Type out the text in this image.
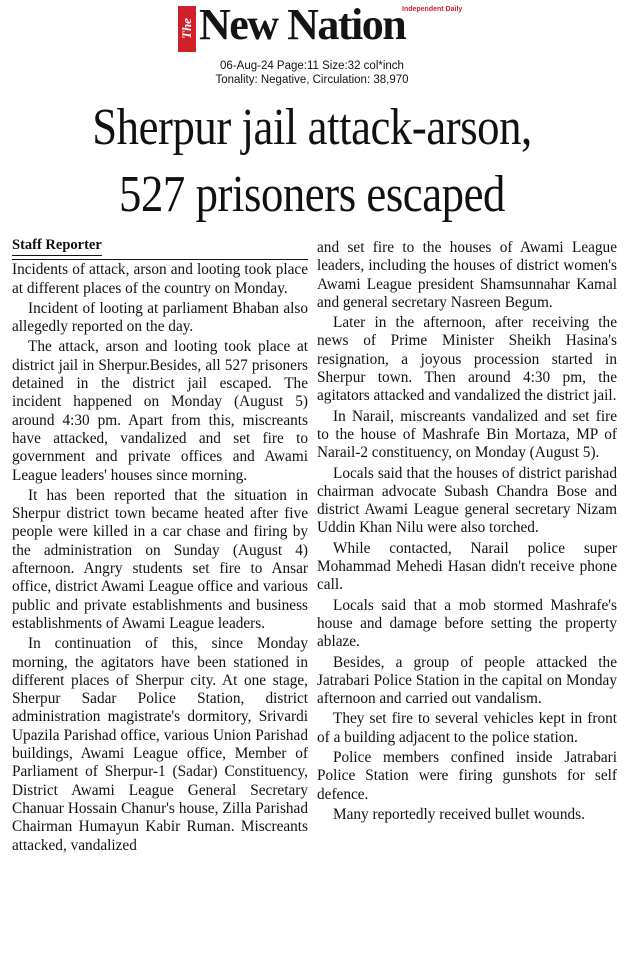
The New Nation
Independent Daily
06-Aug-24 Page:11 Size:32 col*inch
Tonality: Negative, Circulation: 38,970
Sherpur jail attack-arson,
527 prisoners escaped
Staff Reporter

Incidents of attack, arson and looting took place at different places of the country on Monday.

Incident of looting at parliament Bhaban also allegedly reported on the day.

The attack, arson and looting took place at district jail in Sherpur.Besides, all 527 prisoners detained in the district jail escaped. The incident happened on Monday (August 5) around 4:30 pm. Apart from this, miscreants have attacked, vandalized and set fire to government and private offices and Awami League leaders' houses since morning.

It has been reported that the situation in Sherpur district town became heated after five people were killed in a car chase and firing by the administration on Sunday (August 4) afternoon. Angry students set fire to Ansar office, district Awami League office and various public and private establishments and business establishments of Awami League leaders.

In continuation of this, since Monday morning, the agitators have been stationed in different places of Sherpur city. At one stage, Sherpur Sadar Police Station, district administration magistrate's dormitory, Srivardi Upazila Parishad office, various Union Parishad buildings, Awami League office, Member of Parliament of Sherpur-1 (Sadar) Constituency, District Awami League General Secretary Chanuar Hossain Chanur's house, Zilla Parishad Chairman Humayun Kabir Ruman. Miscreants attacked, vandalized

and set fire to the houses of Awami League leaders, including the houses of district women's Awami League president Shamsunnahar Kamal and general secretary Nasreen Begum.

Later in the afternoon, after receiving the news of Prime Minister Sheikh Hasina's resignation, a joyous procession started in Sherpur town. Then around 4:30 pm, the agitators attacked and vandalized the district jail.

In Narail, miscreants vandalized and set fire to the house of Mashrafe Bin Mortaza, MP of Narail-2 constituency, on Monday (August 5).

Locals said that the houses of district parishad chairman advocate Subash Chandra Bose and district Awami League general secretary Nizam Uddin Khan Nilu were also torched.

While contacted, Narail police super Mohammad Mehedi Hasan didn't receive phone call.

Locals said that a mob stormed Mashrafe's house and damage before setting the property ablaze.

Besides, a group of people attacked the Jatrabari Police Station in the capital on Monday afternoon and carried out vandalism.

They set fire to several vehicles kept in front of a building adjacent to the police station.

Police members confined inside Jatrabari Police Station were firing gunshots for self defence.

Many reportedly received bullet wounds.
